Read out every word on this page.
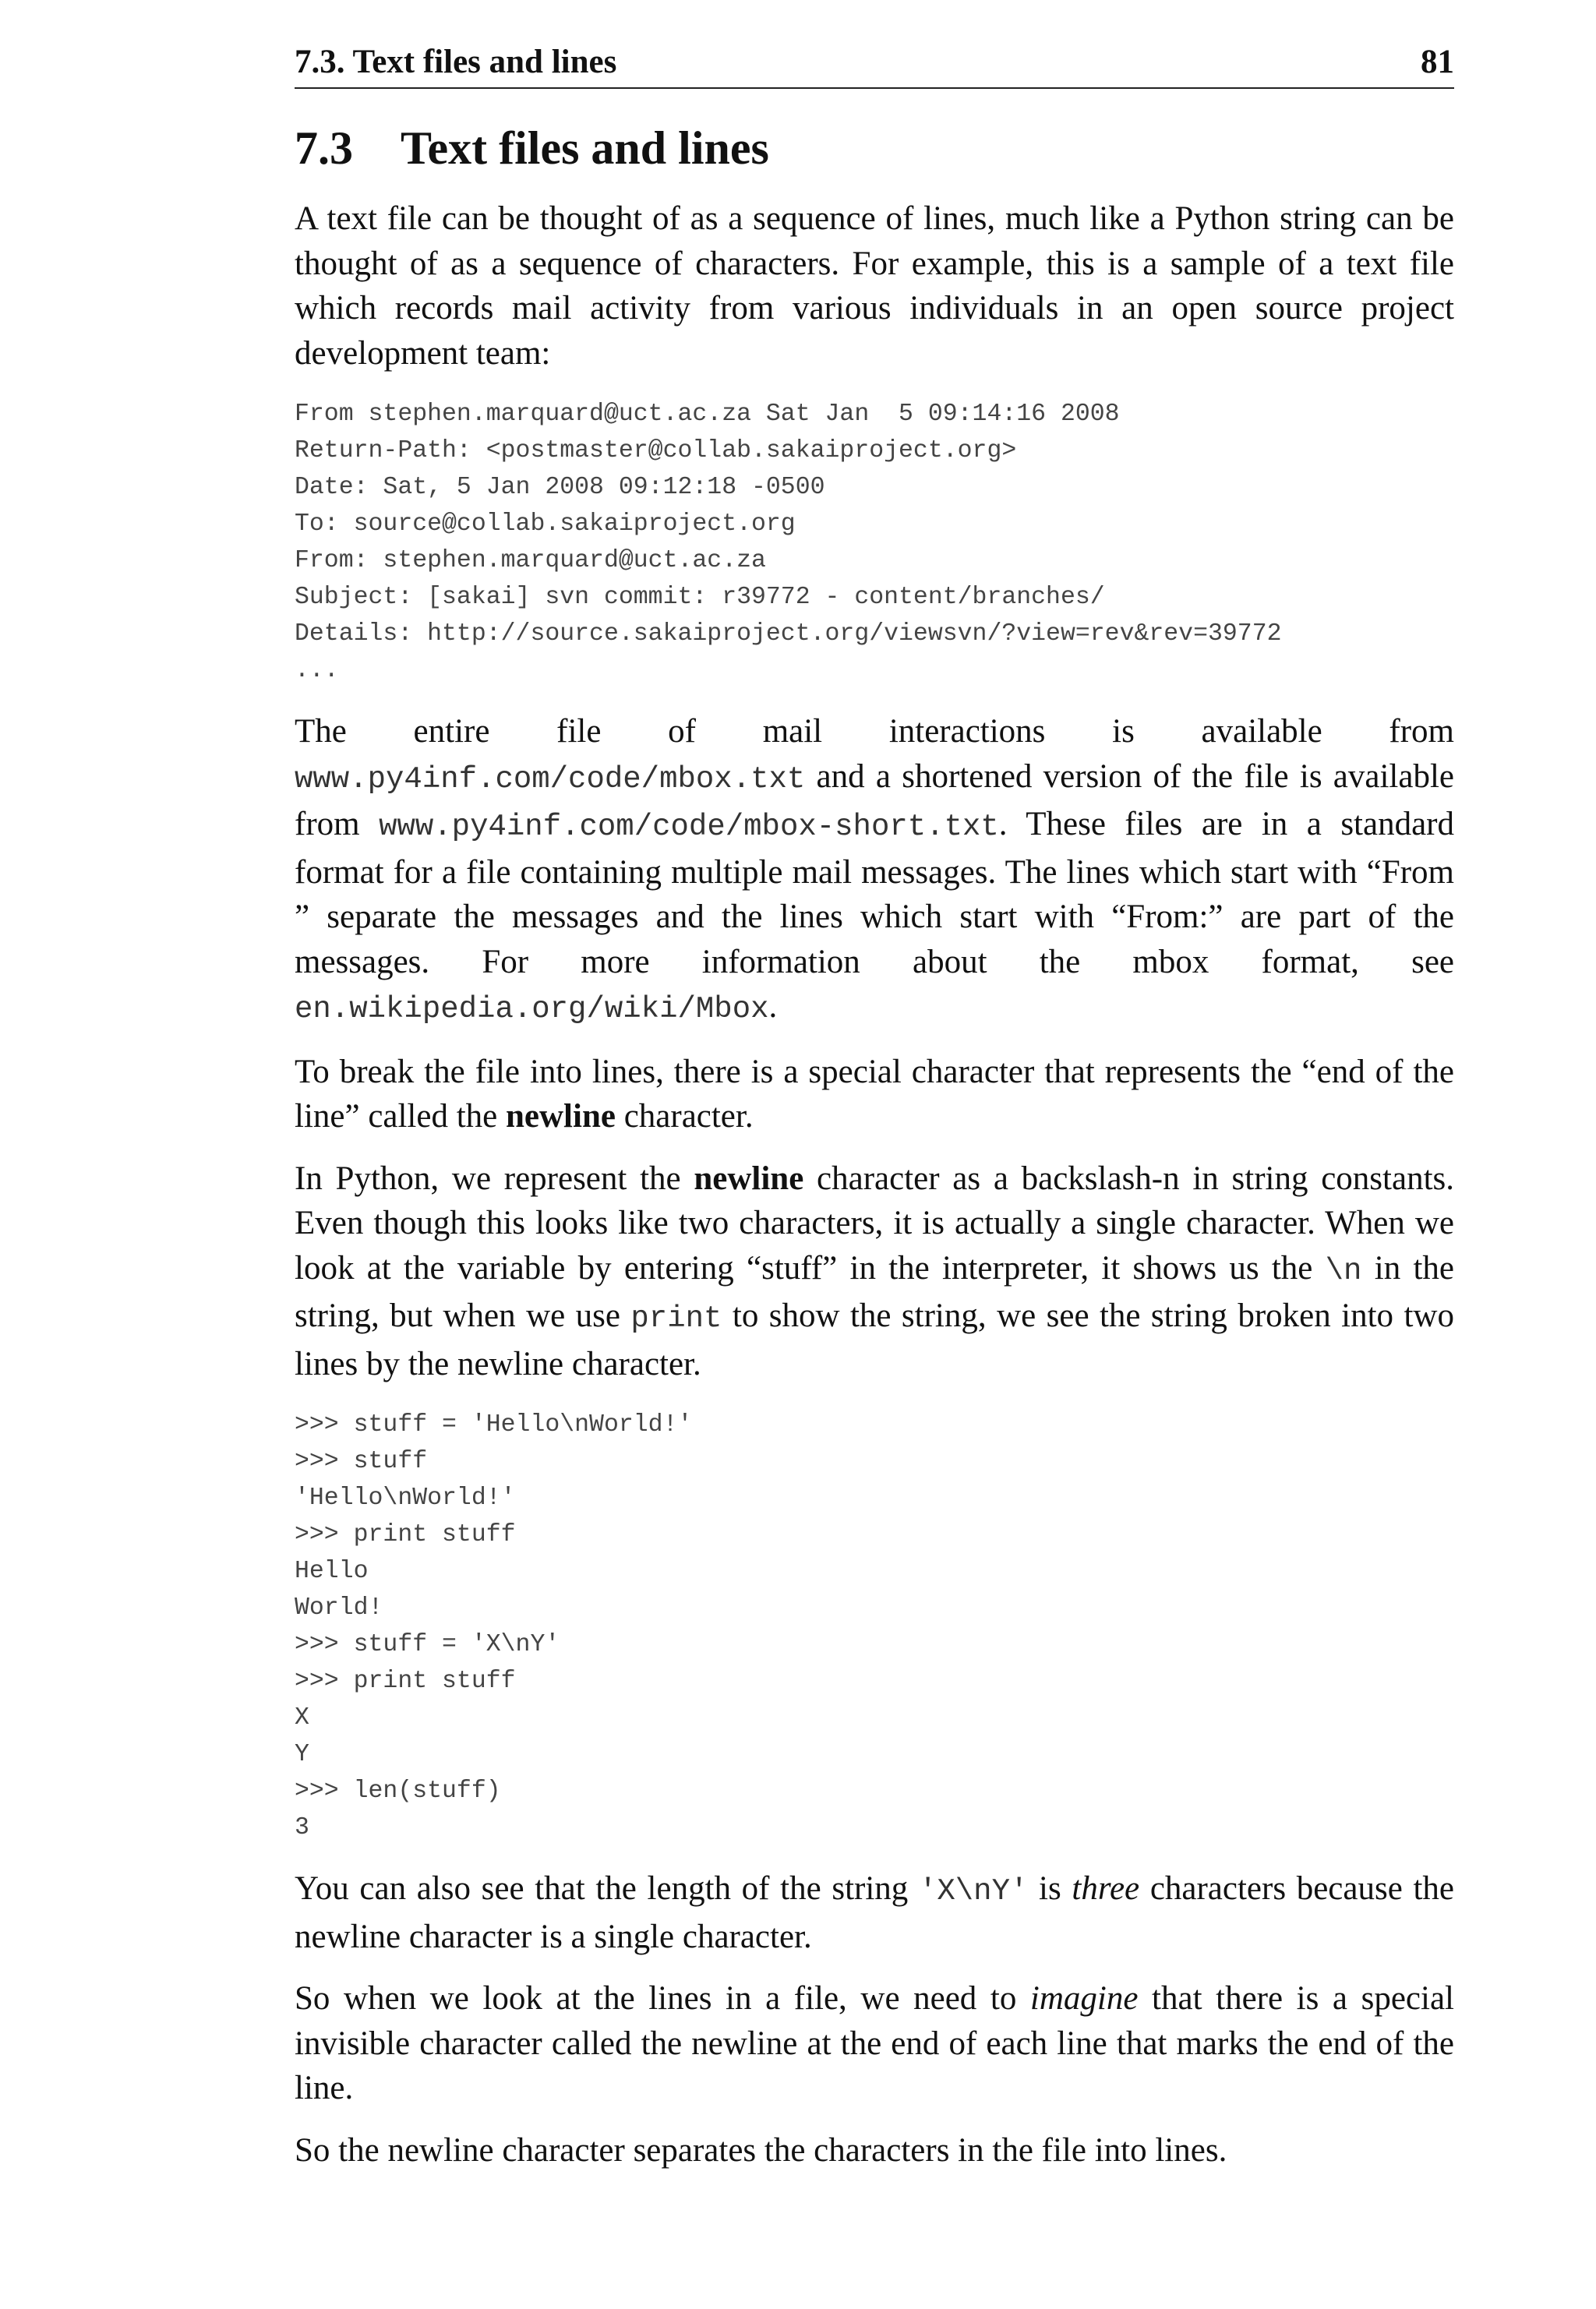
7.3. Text files and lines	81
7.3 Text files and lines

A text file can be thought of as a sequence of lines, much like a Python string can be thought of as a sequence of characters. For example, this is a sample of a text file which records mail activity from various individuals in an open source project development team:

From stephen.marquard@uct.ac.za Sat Jan  5 09:14:16 2008
Return-Path: <postmaster@collab.sakaiproject.org>
Date: Sat, 5 Jan 2008 09:12:18 -0500
To: source@collab.sakaiproject.org
From: stephen.marquard@uct.ac.za
Subject: [sakai] svn commit: r39772 - content/branches/
Details: http://source.sakaiproject.org/viewsvn/?view=rev&rev=39772
...

The entire file of mail interactions is available from www.py4inf.com/code/mbox.txt and a shortened version of the file is available from www.py4inf.com/code/mbox-short.txt. These files are in a standard format for a file containing multiple mail messages. The lines which start with “From ” separate the messages and the lines which start with “From:” are part of the messages. For more information about the mbox format, see en.wikipedia.org/wiki/Mbox.

To break the file into lines, there is a special character that represents the “end of the line” called the newline character.

In Python, we represent the newline character as a backslash-n in string constants. Even though this looks like two characters, it is actually a single character. When we look at the variable by entering “stuff” in the interpreter, it shows us the \n in the string, but when we use print to show the string, we see the string broken into two lines by the newline character.

>>> stuff = 'Hello\nWorld!'
>>> stuff
'Hello\nWorld!'
>>> print stuff
Hello
World!
>>> stuff = 'X\nY'
>>> print stuff
X
Y
>>> len(stuff)
3

You can also see that the length of the string 'X\nY' is three characters because the newline character is a single character.

So when we look at the lines in a file, we need to imagine that there is a special invisible character called the newline at the end of each line that marks the end of the line.

So the newline character separates the characters in the file into lines.
